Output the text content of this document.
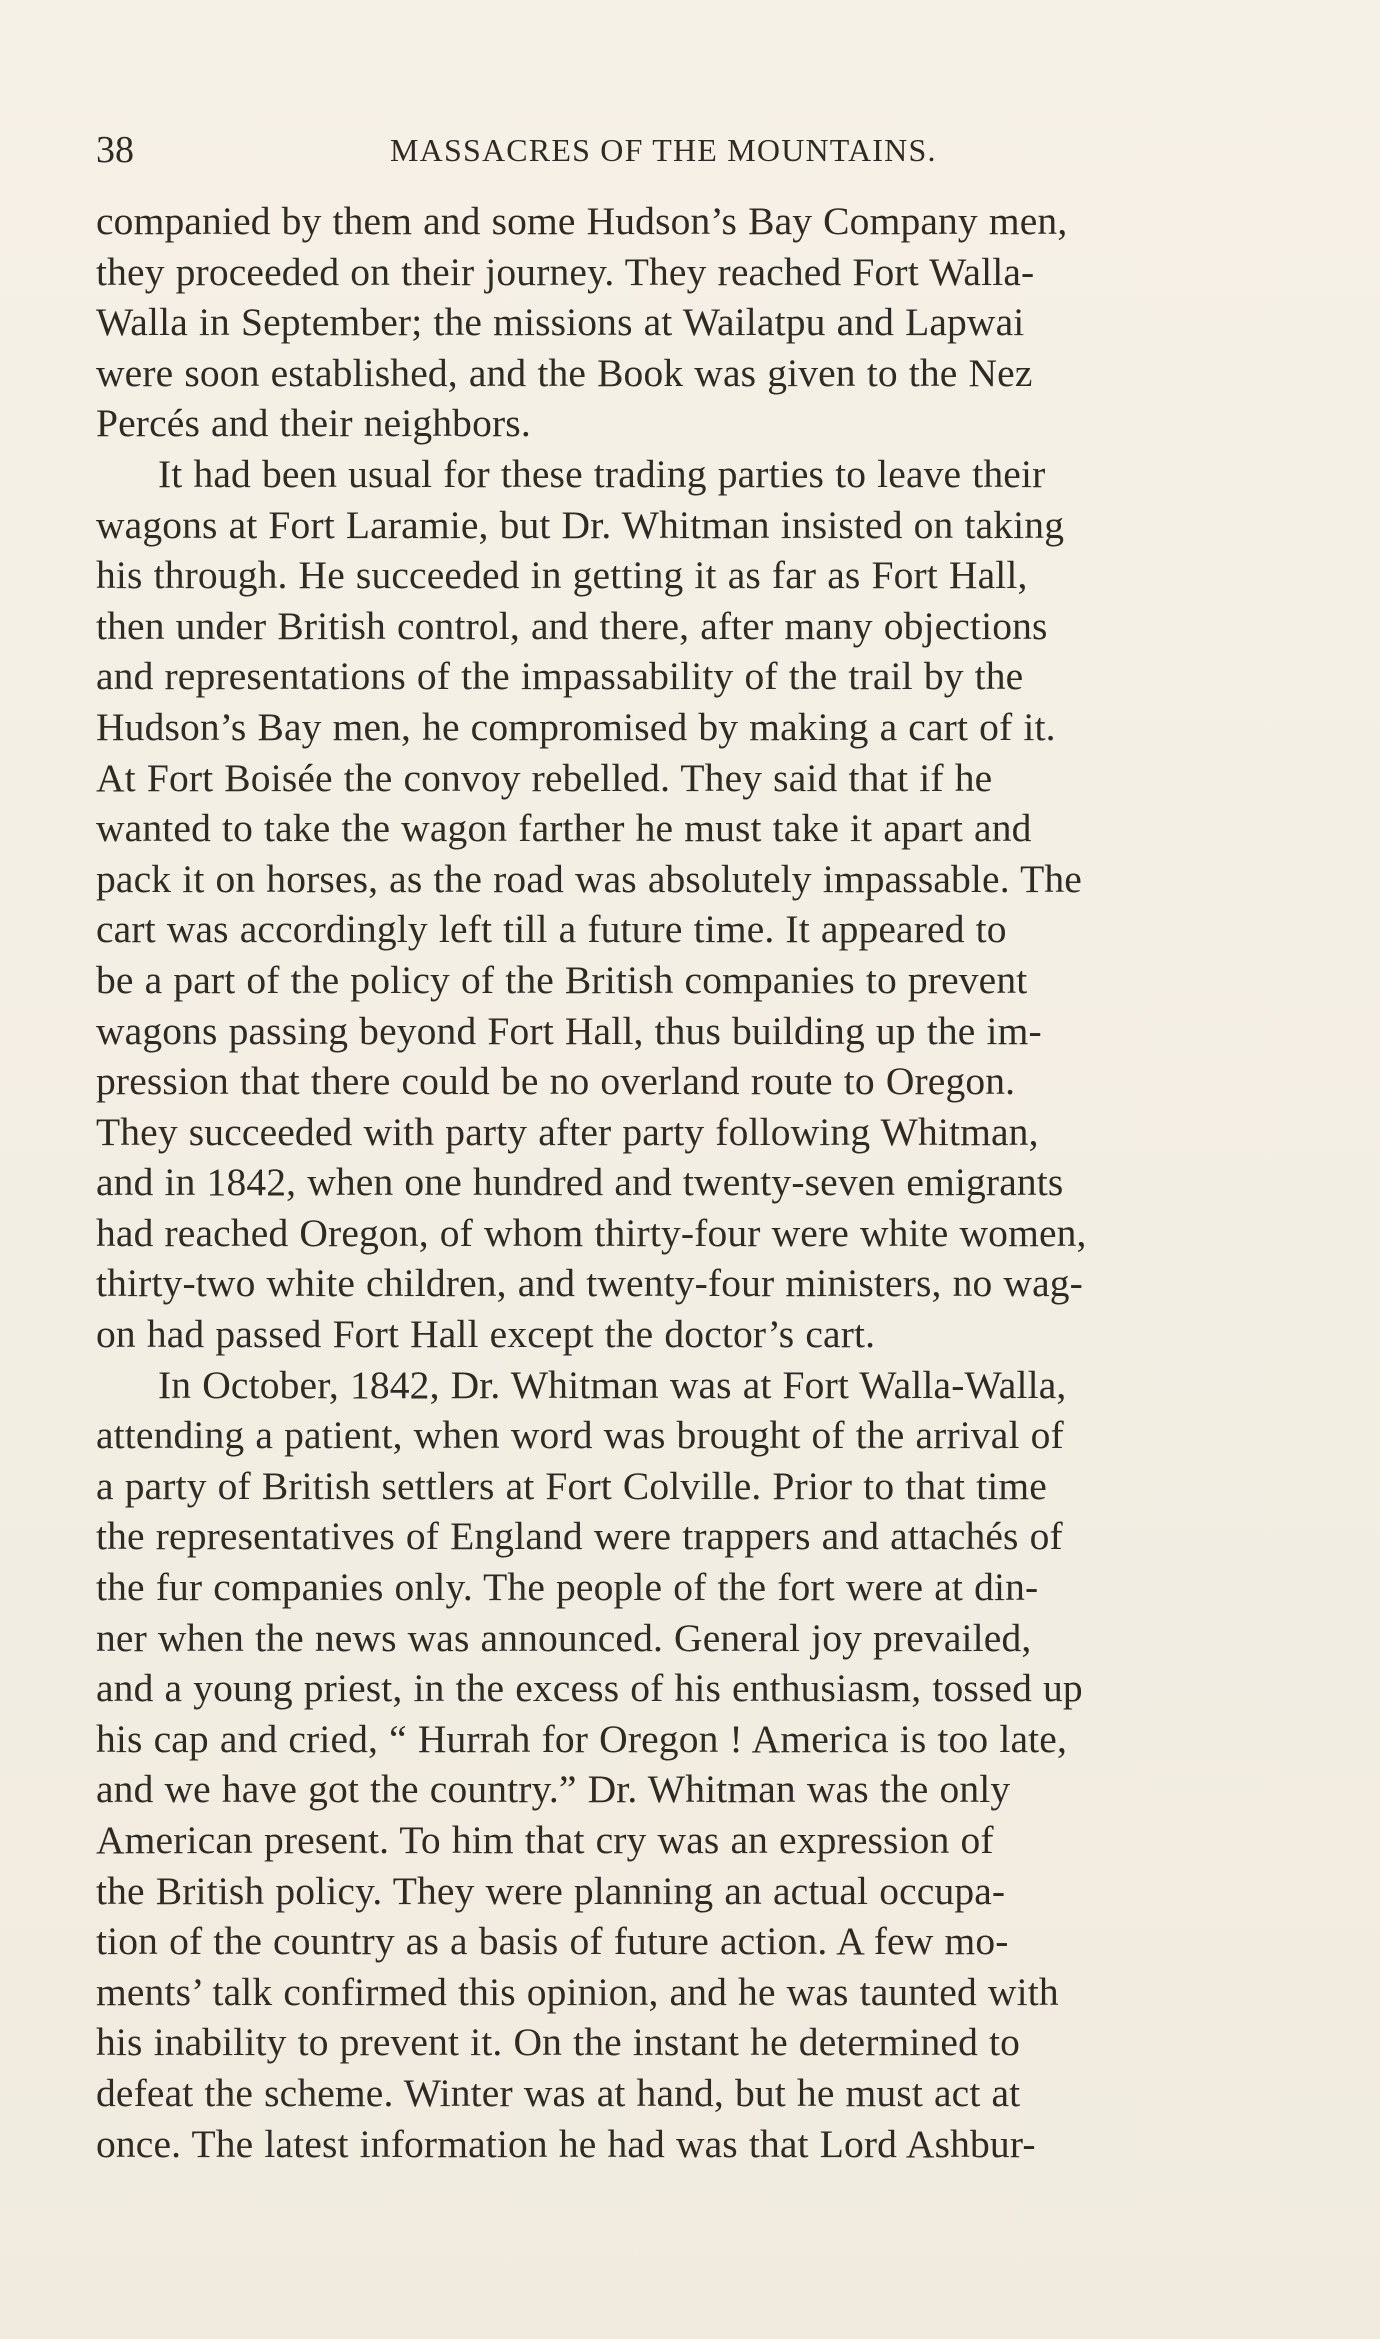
38	MASSACRES OF THE MOUNTAINS.
companied by them and some Hudson’s Bay Company men,
they proceeded on their journey. They reached Fort Walla-
Walla in September; the missions at Wailatpu and Lapwai
were soon established, and the Book was given to the Nez
Percés and their neighbors.
It had been usual for these trading parties to leave their
wagons at Fort Laramie, but Dr. Whitman insisted on taking
his through. He succeeded in getting it as far as Fort Hall,
then under British control, and there, after many objections
and representations of the impassability of the trail by the
Hudson’s Bay men, he compromised by making a cart of it.
At Fort Boisée the convoy rebelled. They said that if he
wanted to take the wagon farther he must take it apart and
pack it on horses, as the road was absolutely impassable. The
cart was accordingly left till a future time. It appeared to
be a part of the policy of the British companies to prevent
wagons passing beyond Fort Hall, thus building up the im-
pression that there could be no overland route to Oregon.
They succeeded with party after party following Whitman,
and in 1842, when one hundred and twenty-seven emigrants
had reached Oregon, of whom thirty-four were white women,
thirty-two white children, and twenty-four ministers, no wag-
on had passed Fort Hall except the doctor’s cart.
In October, 1842, Dr. Whitman was at Fort Walla-Walla,
attending a patient, when word was brought of the arrival of
a party of British settlers at Fort Colville. Prior to that time
the representatives of England were trappers and attachés of
the fur companies only. The people of the fort were at din-
ner when the news was announced. General joy prevailed,
and a young priest, in the excess of his enthusiasm, tossed up
his cap and cried, “ Hurrah for Oregon ! America is too late,
and we have got the country.” Dr. Whitman was the only
American present. To him that cry was an expression of
the British policy. They were planning an actual occupa-
tion of the country as a basis of future action. A few mo-
ments’ talk confirmed this opinion, and he was taunted with
his inability to prevent it. On the instant he determined to
defeat the scheme. Winter was at hand, but he must act at
once. The latest information he had was that Lord Ashbur-
